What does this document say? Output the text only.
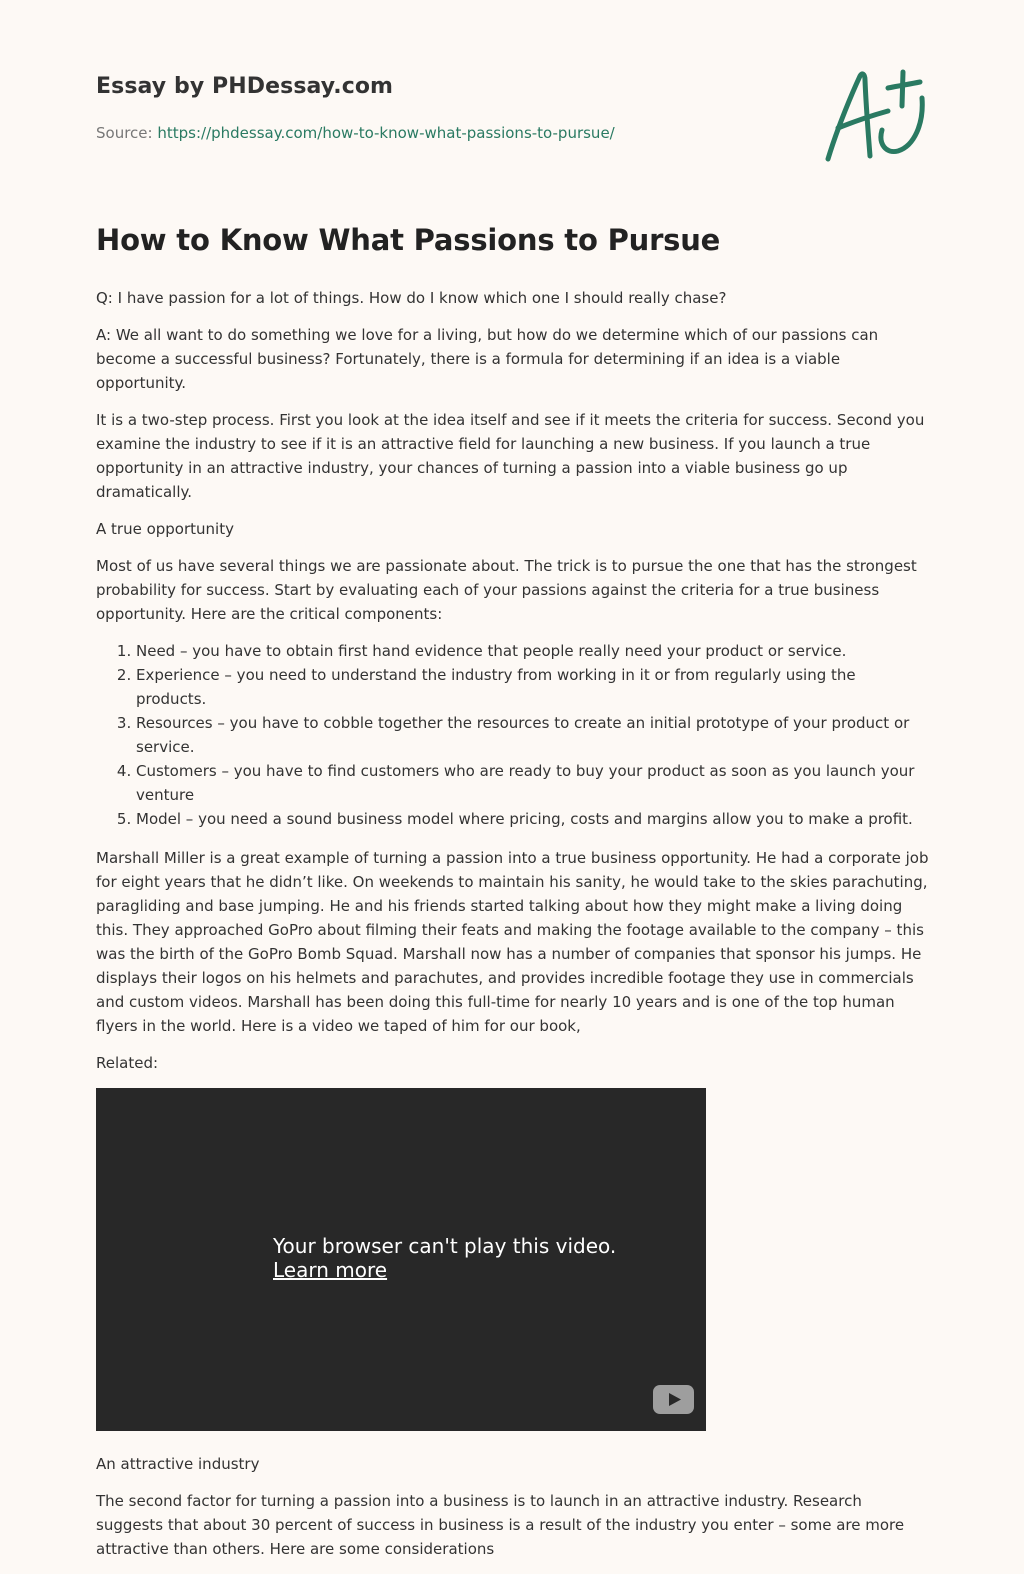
Essay by PHDessay.com
Source: https://phdessay.com/how-to-know-what-passions-to-pursue/
How to Know What Passions to Pursue

Q: I have passion for a lot of things. How do I know which one I should really chase?

A: We all want to do something we love for a living, but how do we determine which of our passions can become a successful business? Fortunately, there is a formula for determining if an idea is a viable opportunity.

It is a two-step process. First you look at the idea itself and see if it meets the criteria for success. Second you examine the industry to see if it is an attractive field for launching a new business. If you launch a true opportunity in an attractive industry, your chances of turning a passion into a viable business go up dramatically.

A true opportunity

Most of us have several things we are passionate about. The trick is to pursue the one that has the strongest probability for success. Start by evaluating each of your passions against the criteria for a true business opportunity. Here are the critical components:

1. Need – you have to obtain first hand evidence that people really need your product or service.
2. Experience – you need to understand the industry from working in it or from regularly using the products.
3. Resources – you have to cobble together the resources to create an initial prototype of your product or service.
4. Customers – you have to find customers who are ready to buy your product as soon as you launch your venture
5. Model – you need a sound business model where pricing, costs and margins allow you to make a profit.

Marshall Miller is a great example of turning a passion into a true business opportunity. He had a corporate job for eight years that he didn’t like. On weekends to maintain his sanity, he would take to the skies parachuting, paragliding and base jumping. He and his friends started talking about how they might make a living doing this. They approached GoPro about filming their feats and making the footage available to the company – this was the birth of the GoPro Bomb Squad. Marshall now has a number of companies that sponsor his jumps. He displays their logos on his helmets and parachutes, and provides incredible footage they use in commercials and custom videos. Marshall has been doing this full-time for nearly 10 years and is one of the top human flyers in the world. Here is a video we taped of him for our book,

Related:

Your browser can't play this video.
Learn more

An attractive industry

The second factor for turning a passion into a business is to launch in an attractive industry. Research suggests that about 30 percent of success in business is a result of the industry you enter – some are more attractive than others. Here are some considerations
